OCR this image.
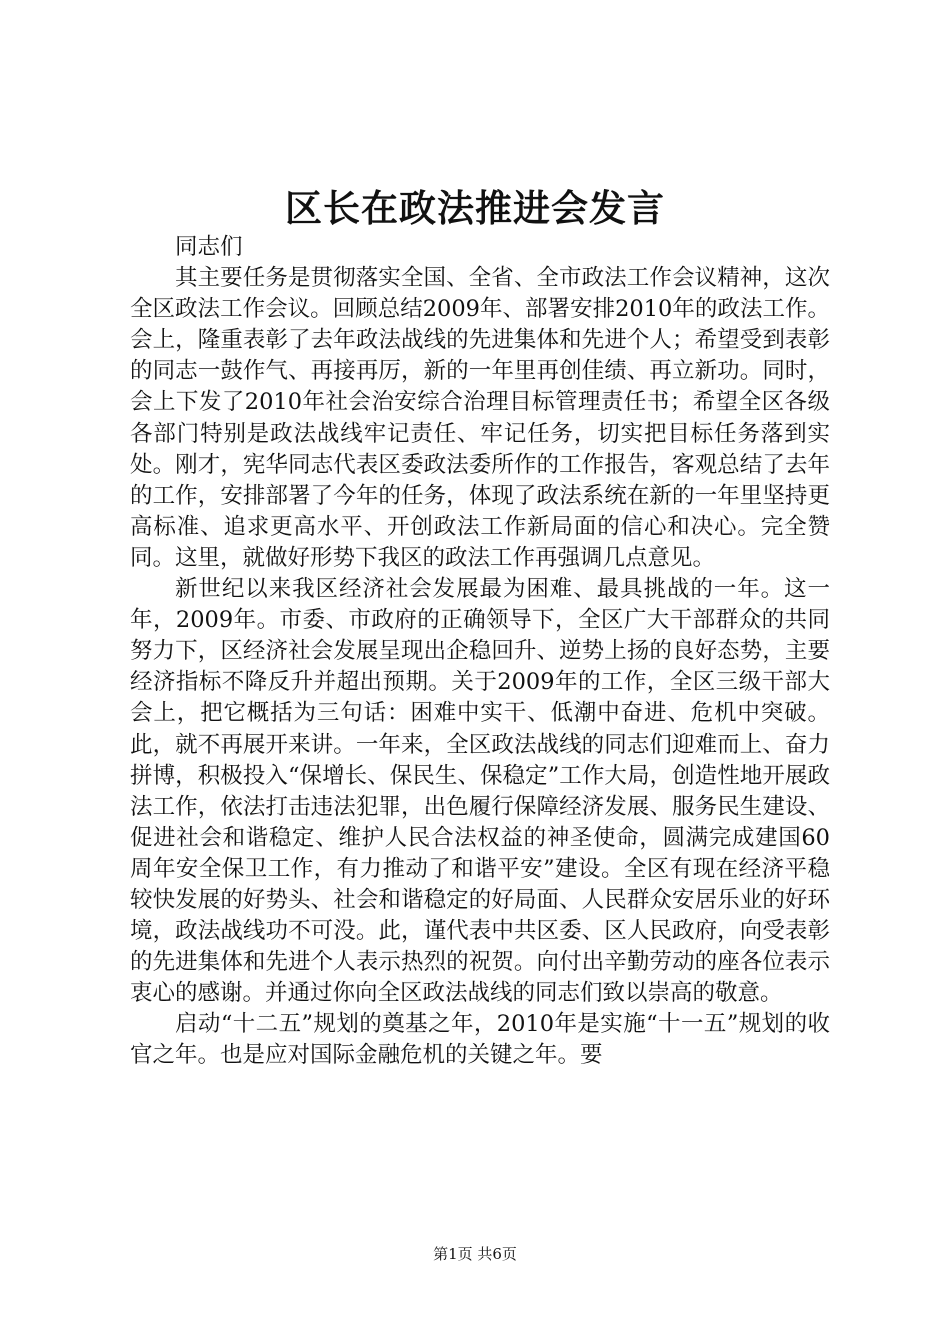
区长在政法推进会发言

同志们

其主要任务是贯彻落实全国、全省、全市政法工作会议精神，这次全区政法工作会议。回顾总结2009年、部署安排2010年的政法工作。会上，隆重表彰了去年政法战线的先进集体和先进个人；希望受到表彰的同志一鼓作气、再接再厉，新的一年里再创佳绩、再立新功。同时，会上下发了2010年社会治安综合治理目标管理责任书；希望全区各级各部门特别是政法战线牢记责任、牢记任务，切实把目标任务落到实处。刚才，宪华同志代表区委政法委所作的工作报告，客观总结了去年的工作，安排部署了今年的任务，体现了政法系统在新的一年里坚持更高标准、追求更高水平、开创政法工作新局面的信心和决心。完全赞同。这里，就做好形势下我区的政法工作再强调几点意见。

新世纪以来我区经济社会发展最为困难、最具挑战的一年。这一年，2009年。市委、市政府的正确领导下，全区广大干部群众的共同努力下，区经济社会发展呈现出企稳回升、逆势上扬的良好态势，主要经济指标不降反升并超出预期。关于2009年的工作，全区三级干部大会上，把它概括为三句话：困难中实干、低潮中奋进、危机中突破。此，就不再展开来讲。一年来，全区政法战线的同志们迎难而上、奋力拼博，积极投入“保增长、保民生、保稳定”工作大局，创造性地开展政法工作，依法打击违法犯罪，出色履行保障经济发展、服务民生建设、促进社会和谐稳定、维护人民合法权益的神圣使命，圆满完成建国60周年安全保卫工作，有力推动了和谐平安”建设。全区有现在经济平稳较快发展的好势头、社会和谐稳定的好局面、人民群众安居乐业的好环境，政法战线功不可没。此，谨代表中共区委、区人民政府，向受表彰的先进集体和先进个人表示热烈的祝贺。向付出辛勤劳动的座各位表示衷心的感谢。并通过你向全区政法战线的同志们致以崇高的敬意。

启动“十二五”规划的奠基之年，2010年是实施“十一五”规划的收官之年。也是应对国际金融危机的关键之年。要

第1页 共6页
